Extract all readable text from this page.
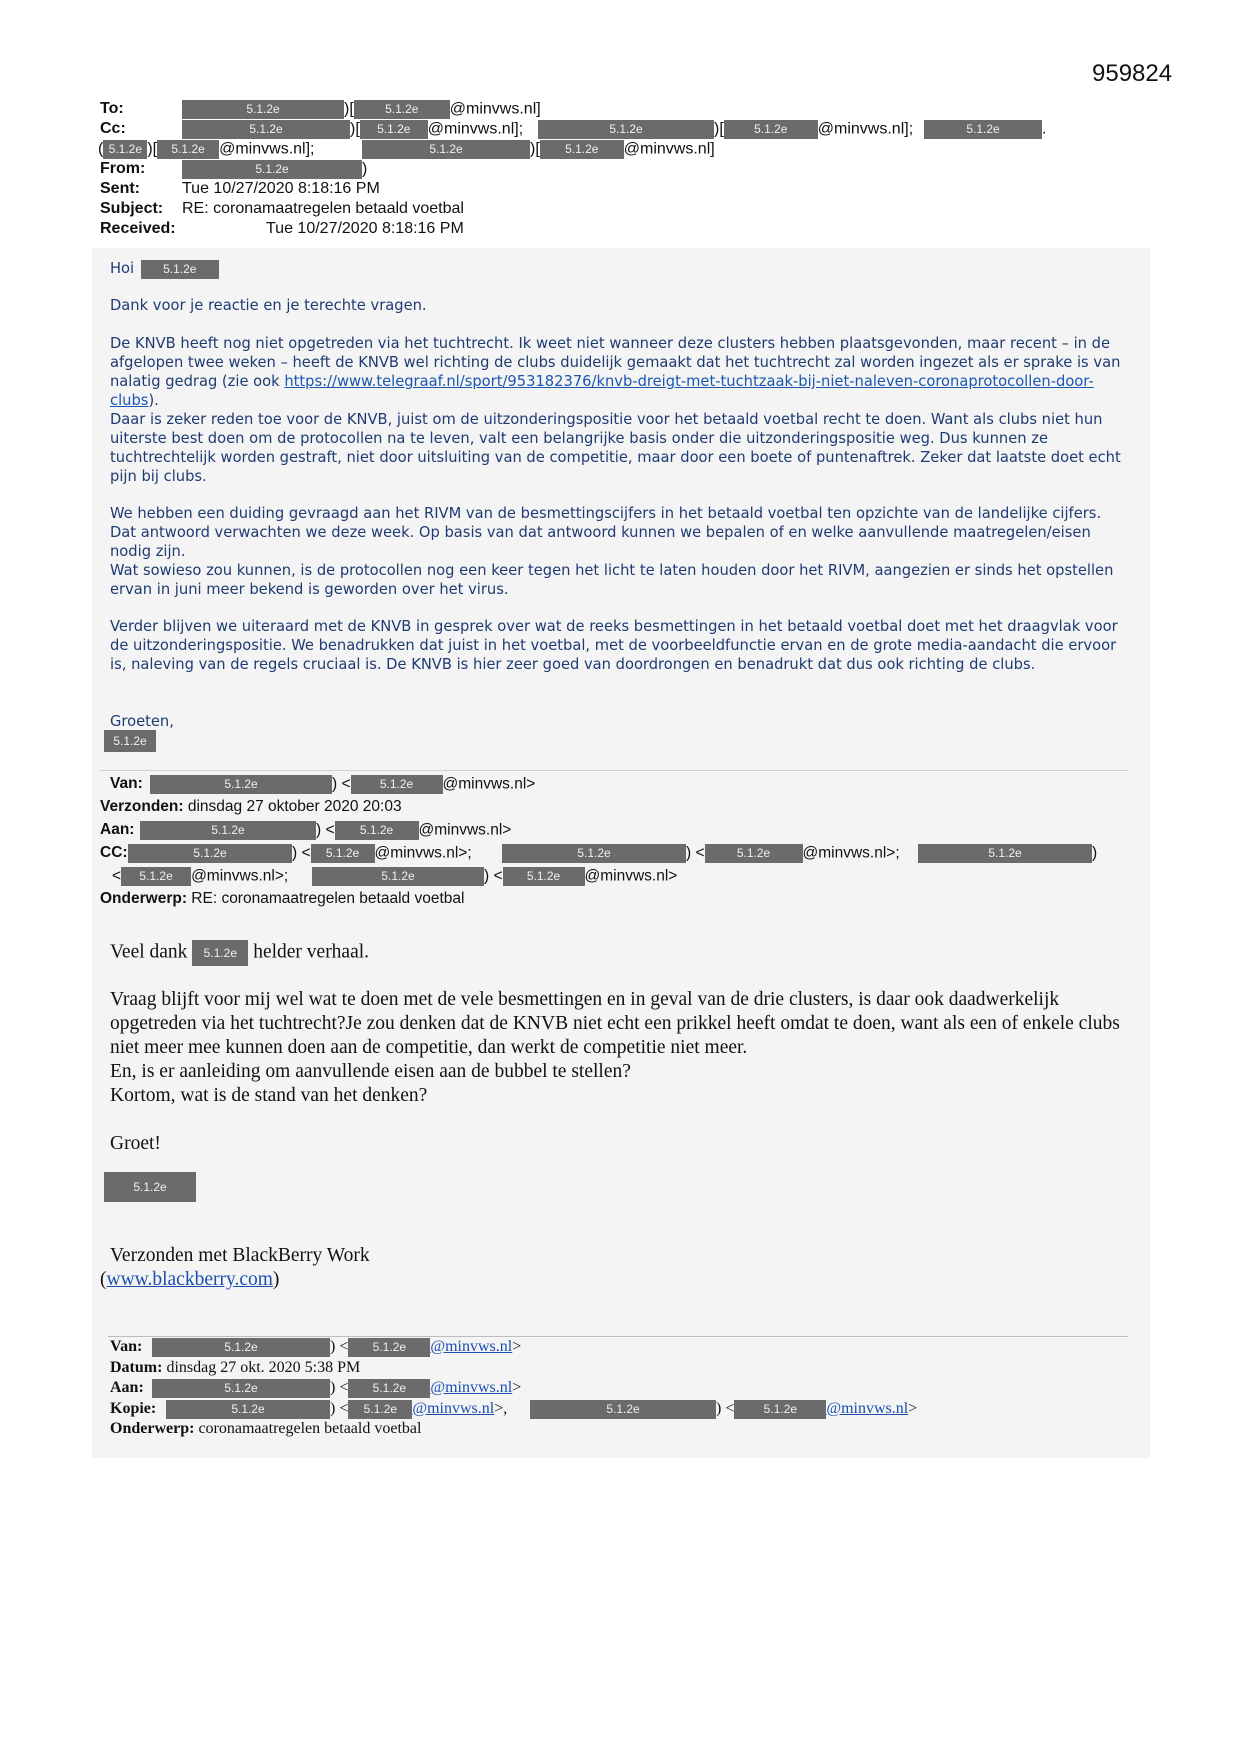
959824
To:	5.1.2e	)[	5.1.2e @minvws.nl]
Cc:	5.1.2e	)[ 5.1.2e @minvws.nl];	5.1.2e	)[	5.1.2e @minvws.nl];	5.1.2e	.
( 5.1.2e )[ 5.1.2e @minvws.nl];	5.1.2e	)[ 5.1.2e @minvws.nl]
From:	5.1.2e	)
Sent:	Tue 10/27/2020 8:18:16 PM
Subject: RE: coronamaatregelen betaald voetbal
Received:	Tue 10/27/2020 8:18:16 PM
Hoi 5.1.2e
Dank voor je reactie en je terechte vragen.
De KNVB heeft nog niet opgetreden via het tuchtrecht. Ik weet niet wanneer deze clusters hebben plaatsgevonden, maar recent – in de afgelopen twee weken – heeft de KNVB wel richting de clubs duidelijk gemaakt dat het tuchtrecht zal worden ingezet als er sprake is van nalatig gedrag (zie ook https://www.telegraaf.nl/sport/953182376/knvb-dreigt-met-tuchtzaak-bij-niet-naleven-coronaprotocollen-door-clubs).
Daar is zeker reden toe voor de KNVB, juist om de uitzonderingspositie voor het betaald voetbal recht te doen. Want als clubs niet hun uiterste best doen om de protocollen na te leven, valt een belangrijke basis onder die uitzonderingspositie weg. Dus kunnen ze tuchtrechtelijk worden gestraft, niet door uitsluiting van de competitie, maar door een boete of puntenaftrek. Zeker dat laatste doet echt pijn bij clubs.
We hebben een duiding gevraagd aan het RIVM van de besmettingscijfers in het betaald voetbal ten opzichte van de landelijke cijfers. Dat antwoord verwachten we deze week. Op basis van dat antwoord kunnen we bepalen of en welke aanvullende maatregelen/eisen nodig zijn.
Wat sowieso zou kunnen, is de protocollen nog een keer tegen het licht te laten houden door het RIVM, aangezien er sinds het opstellen ervan in juni meer bekend is geworden over het virus.
Verder blijven we uiteraard met de KNVB in gesprek over wat de reeks besmettingen in het betaald voetbal doet met het draagvlak voor de uitzonderingspositie. We benadrukken dat juist in het voetbal, met de voorbeeldfunctie ervan en de grote media-aandacht die ervoor is, naleving van de regels cruciaal is. De KNVB is hier zeer goed van doordrongen en benadrukt dat dus ook richting de clubs.
Groeten,
5.1.2e
Van:	5.1.2e	) < 5.1.2e @minvws.nl>
Verzonden: dinsdag 27 oktober 2020 20:03
Aan:	5.1.2e	) < 5.1.2e @minvws.nl>
CC:	5.1.2e	) < 5.1.2e @minvws.nl>;	5.1.2e	) <	5.1.2e @minvws.nl>;	5.1.2e	)
< 5.1.2e @minvws.nl>;	5.1.2e	) < 5.1.2e @minvws.nl>
Onderwerp: RE: coronamaatregelen betaald voetbal
Veel dank 5.1.2e helder verhaal.
Vraag blijft voor mij wel wat te doen met de vele besmettingen en in geval van de drie clusters, is daar ook daadwerkelijk opgetreden via het tuchtrecht?Je zou denken dat de KNVB niet echt een prikkel heeft omdat te doen, want als een of enkele clubs niet meer mee kunnen doen aan de competitie, dan werkt de competitie niet meer.
En, is er aanleiding om aanvullende eisen aan de bubbel te stellen?
Kortom, wat is de stand van het denken?
Groet!
5.1.2e
Verzonden met BlackBerry Work
(www.blackberry.com)
Van:	5.1.2e	) < 5.1.2e @minvws.nl>
Datum: dinsdag 27 okt. 2020 5:38 PM
Aan:	5.1.2e	) < 5.1.2e @minvws.nl>
Kopie:	5.1.2e	) < 5.1.2e @minvws.nl>,	5.1.2e	) < 5.1.2e @minvws.nl>
Onderwerp: coronamaatregelen betaald voetbal
